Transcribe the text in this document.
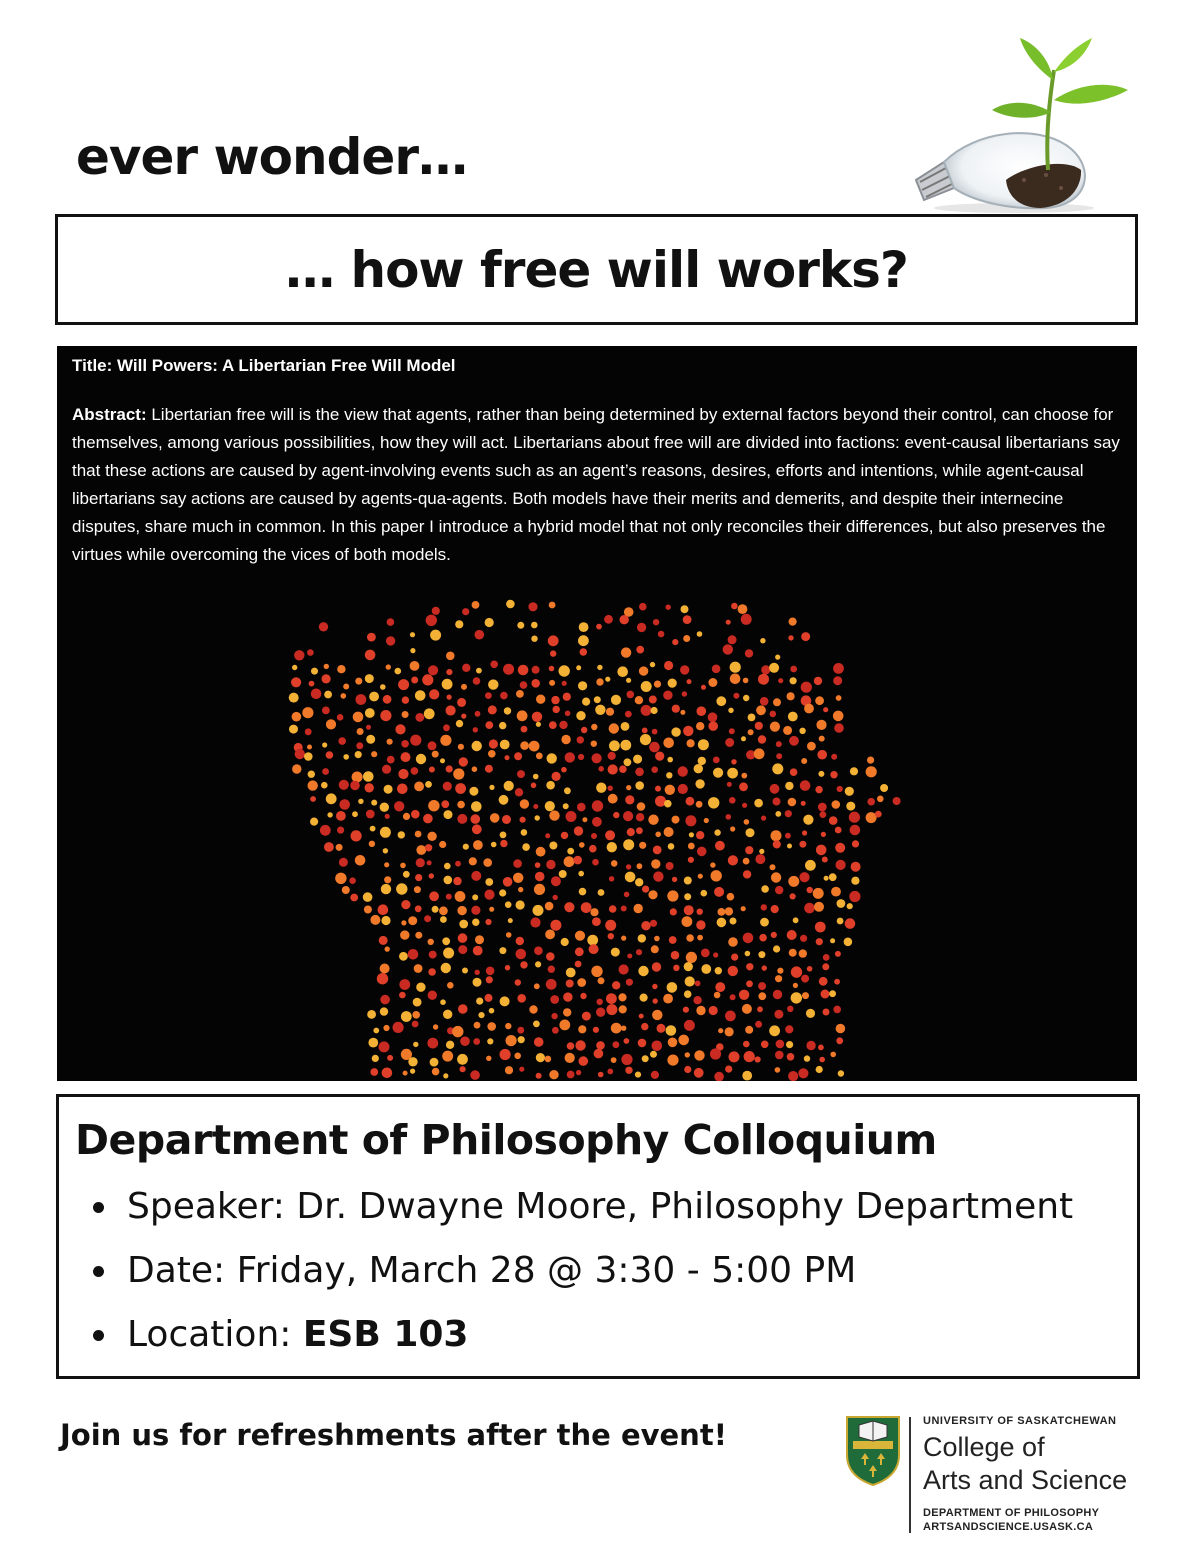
ever wonder…
… how free will works?
Title: Will Powers: A Libertarian Free Will Model

Abstract: Libertarian free will is the view that agents, rather than being determined by external factors beyond their control, can choose for themselves, among various possibilities, how they will act. Libertarians about free will are divided into factions: event-causal libertarians say that these actions are caused by agent-involving events such as an agent’s reasons, desires, efforts and intentions, while agent-causal libertarians say actions are caused by agents-qua-agents. Both models have their merits and demerits, and despite their internecine disputes, share much in common. In this paper I introduce a hybrid model that not only reconciles their differences, but also preserves the virtues while overcoming the vices of both models.

Department of Philosophy Colloquium
Speaker: Dr. Dwayne Moore, Philosophy Department
Date: Friday, March 28 @ 3:30 - 5:00 PM
Location: ESB 103
Join us for refreshments after the event!	UNIVERSITY OF SASKATCHEWAN
College of
Arts and Science
DEPARTMENT OF PHILOSOPHY
ARTSANDSCIENCE.USASK.CA
